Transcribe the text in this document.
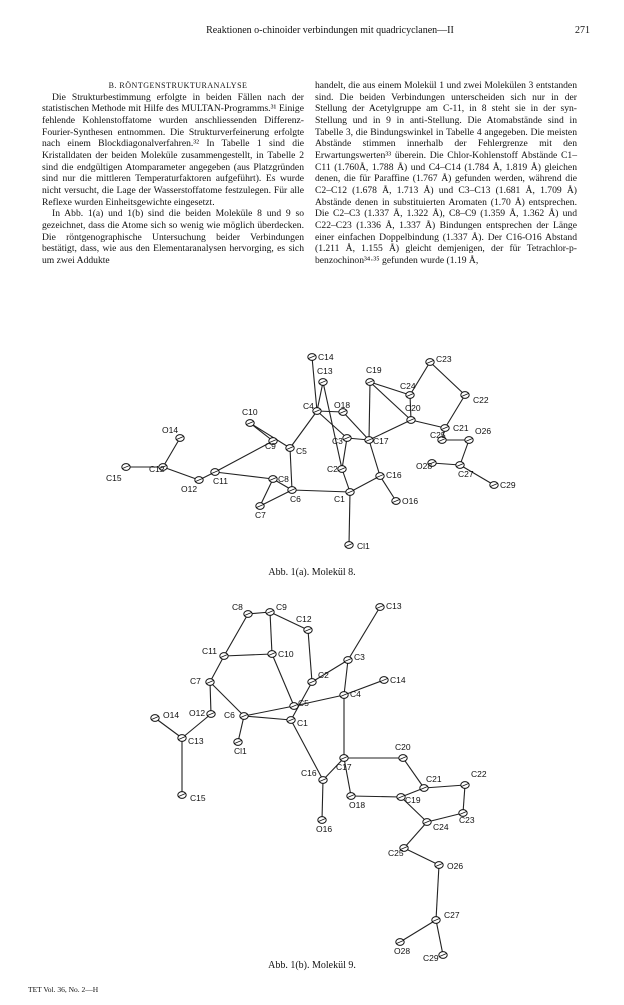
Reaktionen o-chinoider verbindungen mit quadricyclanen—II	271

B. RÖNTGENSTRUKTURANALYSE

Die Strukturbestimmung erfolgte in beiden Fällen nach der statistischen Methode mit Hilfe des MULTAN-Programms.³¹ Einige fehlende Kohlenstoffatome wurden anschliessenden Differenz-Fourier-Synthesen entnommen. Die Strukturverfeinerung erfolgte nach einem Blockdiagonalverfahren.³² In Tabelle 1 sind die Kristalldaten der beiden Moleküle zusammengestellt, in Tabelle 2 sind die endgültigen Atomparameter angegeben (aus Platzgründen sind nur die mittleren Temperaturfaktoren aufgeführt). Es wurde nicht versucht, die Lage der Wasserstoffatome festzulegen. Für alle Reflexe wurden Einheitsgewichte eingesetzt.

In Abb. 1(a) und 1(b) sind die beiden Moleküle 8 und 9 so gezeichnet, dass die Atome sich so wenig wie möglich überdecken. Die röntgenographische Untersuchung beider Verbindungen bestätigt, dass, wie aus den Elementaranalysen hervorging, es sich um zwei Addukte

handelt, die aus einem Molekül 1 und zwei Molekülen 3 entstanden sind. Die beiden Verbindungen unterscheiden sich nur in der Stellung der Acetylgruppe am C-11, in 8 steht sie in der syn-Stellung und in 9 in anti-Stellung. Die Atomabstände sind in Tabelle 3, die Bindungswinkel in Tabelle 4 angegeben. Die meisten Abstände stimmen innerhalb der Fehlergrenze mit den Erwartungswerten³³ überein. Die Chlor-Kohlenstoff Abstände C1–C11 (1.760Å, 1.788 Å) und C4–C14 (1.784 Å, 1.819 Å) gleichen denen, die für Paraffine (1.767 Å) gefunden werden, während die C2–C12 (1.678 Å, 1.713 Å) und C3–C13 (1.681 Å, 1.709 Å) Abstände denen in substituierten Aromaten (1.70 Å) entsprechen. Die C2–C3 (1.337 Å, 1.322 Å), C8–C9 (1.359 Å, 1.362 Å) und C22–C23 (1.336 Å, 1.337 Å) Bindungen entsprechen der Länge einer einfachen Doppelbindung (1.337 Å). Der C16-O16 Abstand (1.211 Å, 1.155 Å) gleicht demjenigen, der für Tetrachlor-p-benzochinon³⁴·³⁵ gefunden wurde (1.19 Å,

C14
C13	C19
C23
C22
C24
C4 O18	C20
C21
C10
C9 C5
C3	C17
C25	O26
O14
C2	O28
C27
C15
C12
O12
C11	C8
C6	C1
C16
O16
C7
C29
Cl1
Abb. 1(a). Molekül 8.
C8	C9	C13
C12
C11	C10	C3
C7
C2	C14
C4
C5
O14 O12 C6
C1
C13
Cl1
C17
C20
C16
C21	C22
C15
O18	C19
C23
O16	C24
C25
O26
C27
O28
C29
Abb. 1(b). Molekül 9.
TET Vol. 36, No. 2—H
